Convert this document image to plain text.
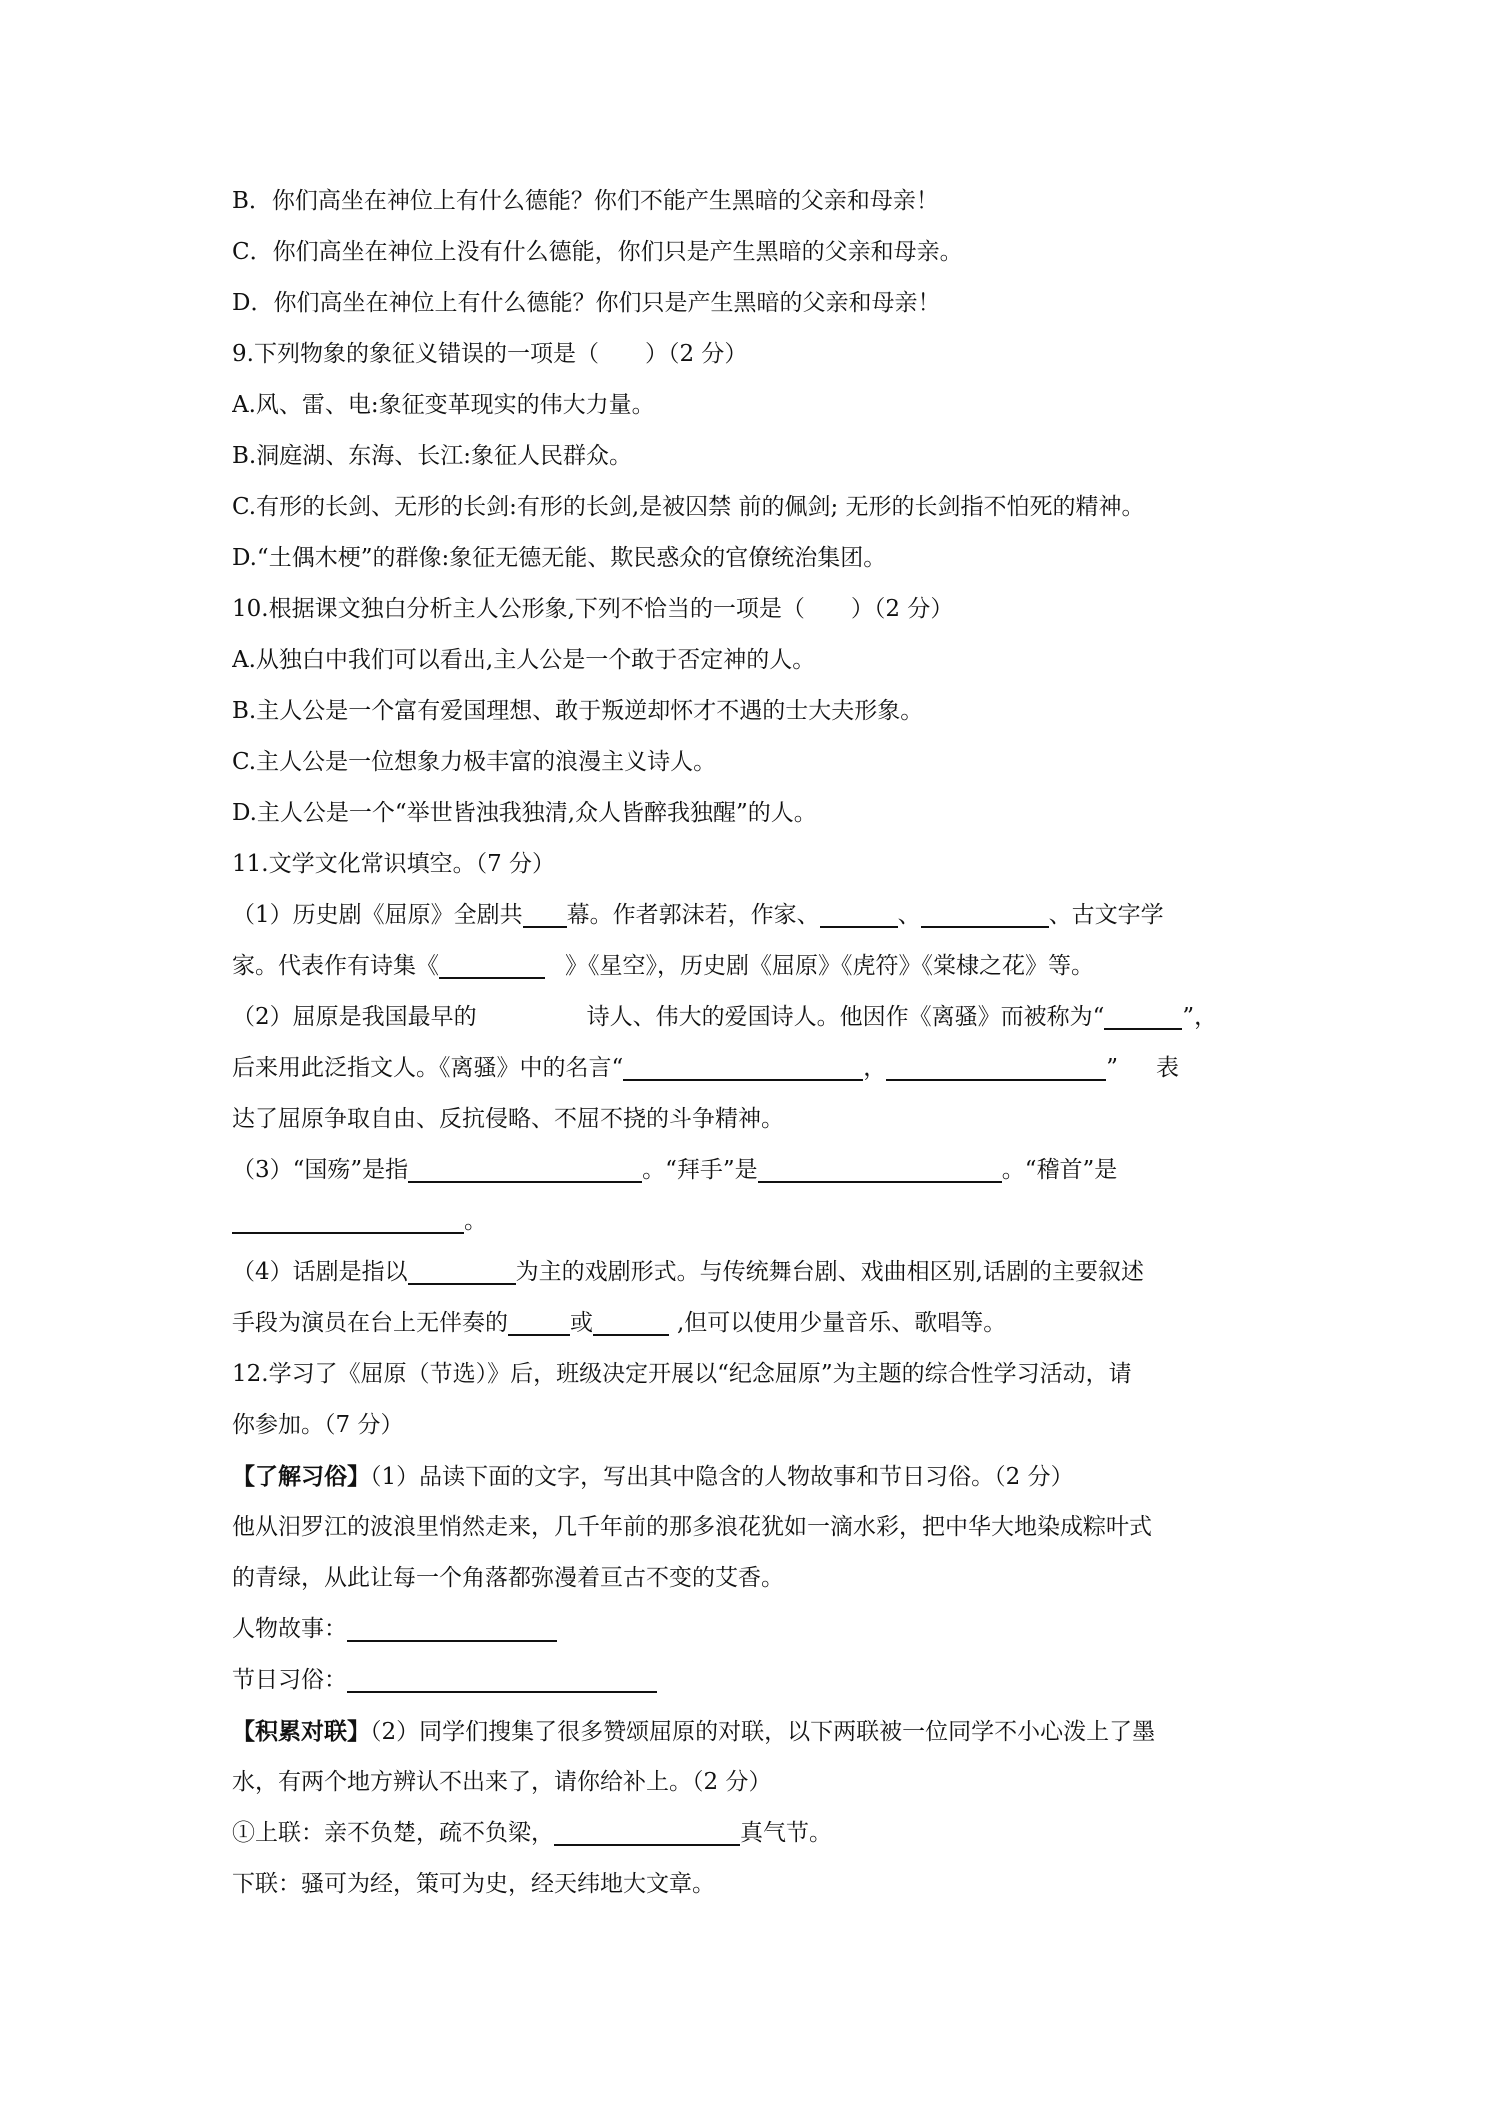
B．你们高坐在神位上有什么德能？你们不能产生黑暗的父亲和母亲！
C．你们高坐在神位上没有什么德能，你们只是产生黑暗的父亲和母亲。
D．你们高坐在神位上有什么德能？你们只是产生黑暗的父亲和母亲！
9.下列物象的象征义错误的一项是（　　）（2 分）
A.风、雷、电:象征变革现实的伟大力量。
B.洞庭湖、东海、长江:象征人民群众。
C.有形的长剑、无形的长剑:有形的长剑,是被囚禁 前的佩剑; 无形的长剑指不怕死的精神。
D.“土偶木梗”的群像:象征无德无能、欺民惑众的官僚统治集团。
10.根据课文独白分析主人公形象,下列不恰当的一项是（　　）（2 分）
A.从独白中我们可以看出,主人公是一个敢于否定神的人。
B.主人公是一个富有爱国理想、敢于叛逆却怀才不遇的士大夫形象。
C.主人公是一位想象力极丰富的浪漫主义诗人。
D.主人公是一个“举世皆浊我独清,众人皆醉我独醒”的人。
11.文学文化常识填空。（7 分）
（1）历史剧《屈原》全剧共 幕。作者郭沫若，作家、	、	、古文字学
家。代表作有诗集《	》《星空》，历史剧《屈原》《虎符》《棠棣之花》等。
（2）屈原是我国最早的	诗人、伟大的爱国诗人。他因作《离骚》而被称为“	”，
后来用此泛指文人。《离骚》中的名言“	，	” 表
达了屈原争取自由、反抗侵略、不屈不挠的斗争精神。
（3）“国殇”是指	。“拜手”是	。“稽首”是
。
（4）话剧是指以	为主的戏剧形式。与传统舞台剧、戏曲相区别,话剧的主要叙述
手段为演员在台上无伴奏的	或	,但可以使用少量音乐、歌唱等。
12.学习了《屈原（节选）》后，班级决定开展以“纪念屈原”为主题的综合性学习活动，请
你参加。（7 分）
【了解习俗】（1）品读下面的文字，写出其中隐含的人物故事和节日习俗。（2 分）
他从汨罗江的波浪里悄然走来，几千年前的那多浪花犹如一滴水彩，把中华大地染成粽叶式
的青绿，从此让每一个角落都弥漫着亘古不变的艾香。
人物故事：
节日习俗：
【积累对联】（2）同学们搜集了很多赞颂屈原的对联，以下两联被一位同学不小心泼上了墨
水，有两个地方辨认不出来了，请你给补上。（2 分）
①上联：亲不负楚，疏不负梁，	真气节。
下联：骚可为经，策可为史，经天纬地大文章。
